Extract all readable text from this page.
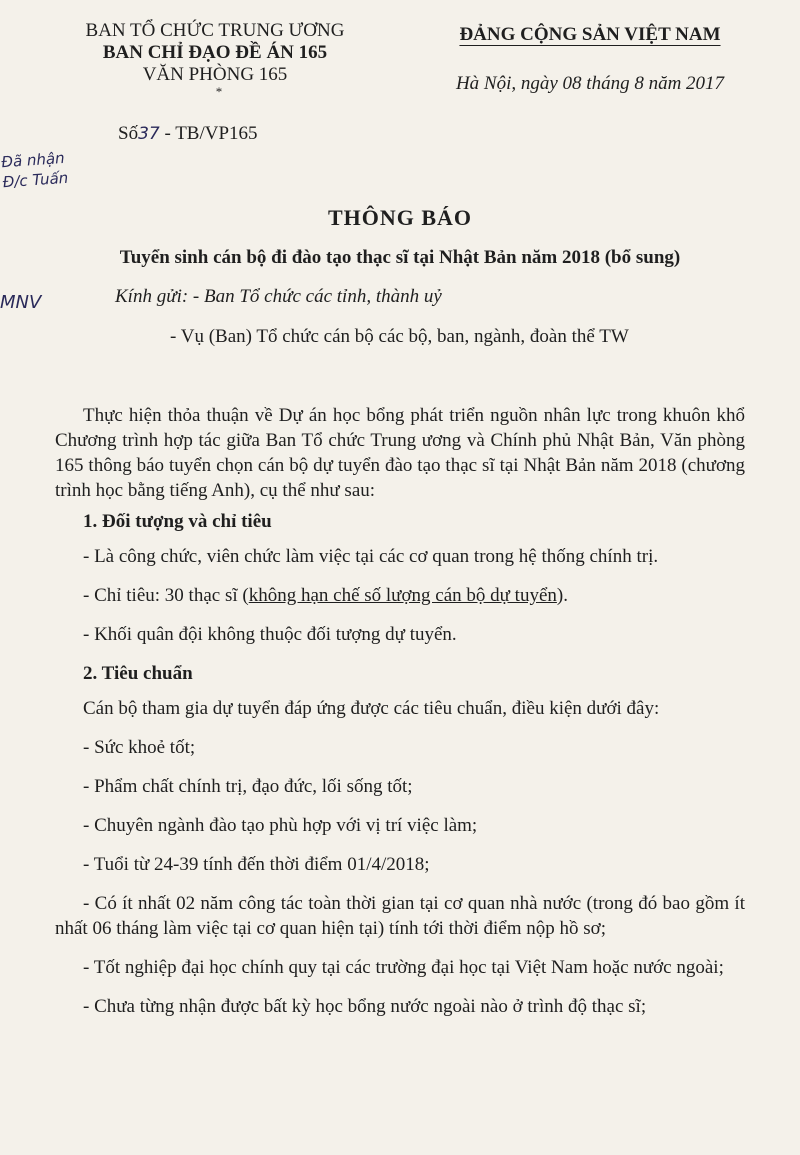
BAN TỔ CHỨC TRUNG ƯƠNG
BAN CHỈ ĐẠO ĐỀ ÁN 165
VĂN PHÒNG 165
*
Số37 - TB/VP165
Đã nhận
Đ/c Tuấn
MNV
ĐẢNG CỘNG SẢN VIỆT NAM
Hà Nội, ngày 08 tháng 8 năm 2017
THÔNG BÁO
Tuyển sinh cán bộ đi đào tạo thạc sĩ tại Nhật Bản năm 2018 (bổ sung)
Kính gửi: - Ban Tổ chức các tỉnh, thành uỷ
- Vụ (Ban) Tổ chức cán bộ các bộ, ban, ngành, đoàn thể TW

Thực hiện thỏa thuận về Dự án học bổng phát triển nguồn nhân lực trong khuôn khổ Chương trình hợp tác giữa Ban Tổ chức Trung ương và Chính phủ Nhật Bản, Văn phòng 165 thông báo tuyển chọn cán bộ dự tuyển đào tạo thạc sĩ tại Nhật Bản năm 2018 (chương trình học bằng tiếng Anh), cụ thể như sau:

1. Đối tượng và chỉ tiêu

- Là công chức, viên chức làm việc tại các cơ quan trong hệ thống chính trị.

- Chỉ tiêu: 30 thạc sĩ (không hạn chế số lượng cán bộ dự tuyển).

- Khối quân đội không thuộc đối tượng dự tuyển.

2. Tiêu chuẩn

Cán bộ tham gia dự tuyển đáp ứng được các tiêu chuẩn, điều kiện dưới đây:

- Sức khoẻ tốt;

- Phẩm chất chính trị, đạo đức, lối sống tốt;

- Chuyên ngành đào tạo phù hợp với vị trí việc làm;

- Tuổi từ 24-39 tính đến thời điểm 01/4/2018;

- Có ít nhất 02 năm công tác toàn thời gian tại cơ quan nhà nước (trong đó bao gồm ít nhất 06 tháng làm việc tại cơ quan hiện tại) tính tới thời điểm nộp hồ sơ;

- Tốt nghiệp đại học chính quy tại các trường đại học tại Việt Nam hoặc nước ngoài;

- Chưa từng nhận được bất kỳ học bổng nước ngoài nào ở trình độ thạc sĩ;
